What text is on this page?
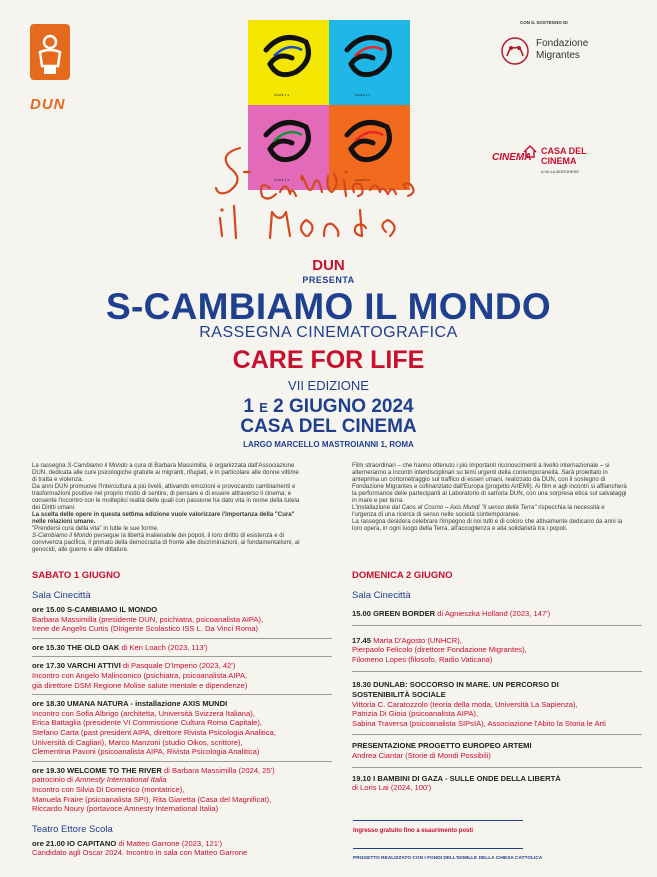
DUN
CON IL SOSTEGNO DI
Fondazione
Migrantes
CINEMA
CASA DEL
CINEMA
A VILLA BORGHESE
SCALE 1:1	SCALE 1:1
SCALE 1:1	SCALE 1:1
DUN
PRESENTA
S-CAMBIAMO IL MONDO
RASSEGNA CINEMATOGRAFICA
CARE FOR LIFE
VII EDIZIONE
1 E 2 GIUGNO 2024
CASA DEL CINEMA
LARGO MARCELLO MASTROIANNI 1, ROMA

La rassegna S-Cambiamo il Mondo a cura di Barbara Massimilla, è organizzata dall'Associazione DUN, dedicata alle cure psicologiche gratuite ai migranti, rifugiati, e in particolare alle donne vittime di tratta e violenza.

Da anni DUN promuove l'Intercultura a più livelli, attivando emozioni e provocando cambiamenti e trasformazioni positive nel proprio modo di sentire, di pensare e di essere attraverso il cinema; e consente l'incontro con le molteplici realtà delle quali con passione ha dato vita in nome della tutela dei Diritti umani.

La scelta delle opere in questa settima edizione vuole valorizzare l'importanza della "Cura" nelle relazioni umane.

"Prendersi cura della vita" in tutte le sue forme.

S-Cambiamo il Mondo persegue la libertà inalienabile dei popoli, il loro diritto di esistenza e di convivenza pacifica, il primato della democrazia di fronte alle discriminazioni, ai fondamentalismi, ai genocidi, alle guerre e alle dittature.

Film straordinari – che hanno ottenuto i più importanti riconoscimenti a livello internazionale – si alterneranno a incontri interdisciplinari su temi urgenti della contemporaneità. Sarà proiettato in anteprima un cortometraggio sul traffico di esseri umani, realizzato da DUN, con il sostegno di Fondazione Migrantes e cofinanziato dall'Europa (progetto ArtEMI). Ai film e agli incontri si affiancherà la performance delle partecipanti al Laboratorio di sartoria DUN, con una sorpresa etica sul salvataggi in mare e per terra.

L'installazione dal Caos al Cosmo – Axis Mundi "il senso della Terra" rispecchia la necessità e l'urgenza di una ricerca di senso nelle società contemporanee.

La rassegna desidera celebrare l'impegno di noi tutti e di coloro che attivamente dedicano da anni la loro opera, in ogni luogo della Terra, all'accoglienza e alla solidarietà tra i popoli.

SABATO 1 GIUGNO
Sala Cinecittà
ore 15.00 S-CAMBIAMO IL MONDO
Barbara Massimilla (presidente DUN, psichiatra, psicoanalista AIPA),
Irene de Angelis Curtis (Dirigente Scolastico ISS L. Da Vinci Roma)
ore 15.30 THE OLD OAK di Ken Loach (2023, 113')
ore 17.30 VARCHI ATTIVI di Pasquale D'Imperio (2023, 42')
Incontro con Angelo Malinconico (psichiatra, psicoanalista AIPA,
già direttore DSM Regione Molise salute mentale e dipendenze)
ore 18.30 UMANA NATURA - installazione AXIS MUNDI
Incontro con Sofia Albrigo (architetta, Università Svizzera Italiana),
Erica Battaglia (presidente VI Commissione Cultura Roma Capitale),
Stefano Carta (past president AIPA, direttore Rivista Psicologia Analitica,
Università di Cagliari), Marco Manzoni (studio Oikos, scrittore),
Clementina Pavoni (psicoanalista AIPA, Rivista Psicologia Analitica)
ore 19.30 WELCOME TO THE RIVER di Barbara Massimilla (2024, 25')
patrocinio di Amnesty International Italia
Incontro con Silvia Di Domenico (montatrice),
Manuela Fraire (psicoanalista SPI), Rita Giaretta (Casa del Magnificat),
Riccardo Noury (portavoce Amnesty International Italia)
Teatro Ettore Scola
ore 21.00 IO CAPITANO di Matteo Garrone (2023, 121')
Candidato agli Oscar 2024. Incontro in sala con Matteo Garrone
DOMENICA 2 GIUGNO
Sala Cinecittà
15.00 GREEN BORDER di Agnieszka Holland (2023, 147')
17.45 Marta D'Agosto (UNHCR),
Pierpaolo Felicolo (direttore Fondazione Migrantes),
Filomeno Lopes (filosofo, Radio Vaticana)
18.30 DUNLAB: SOCCORSO IN MARE. UN PERCORSO DI
SOSTENIBILITÀ SOCIALE
Vittoria C. Caratozzolo (teoria della moda, Università La Sapienza),
Patrizia Di Gioia (psicoanalista AIPA),
Sabina Traversa (psicoanalista SIPsIA), Associazione l'Abito la Storia le Arti
PRESENTAZIONE PROGETTO EUROPEO ARTEMI
Andrea Ciantar (Storie di Mondi Possibili)
19.10 I BAMBINI DI GAZA - SULLE ONDE DELLA LIBERTÀ
di Loris Lai (2024, 100')
Ingresso gratuito fino a esaurimento posti
PROGETTO REALIZZATO CON I FONDI DELL'8XMILLE DELLA CHIESA CATTOLICA
